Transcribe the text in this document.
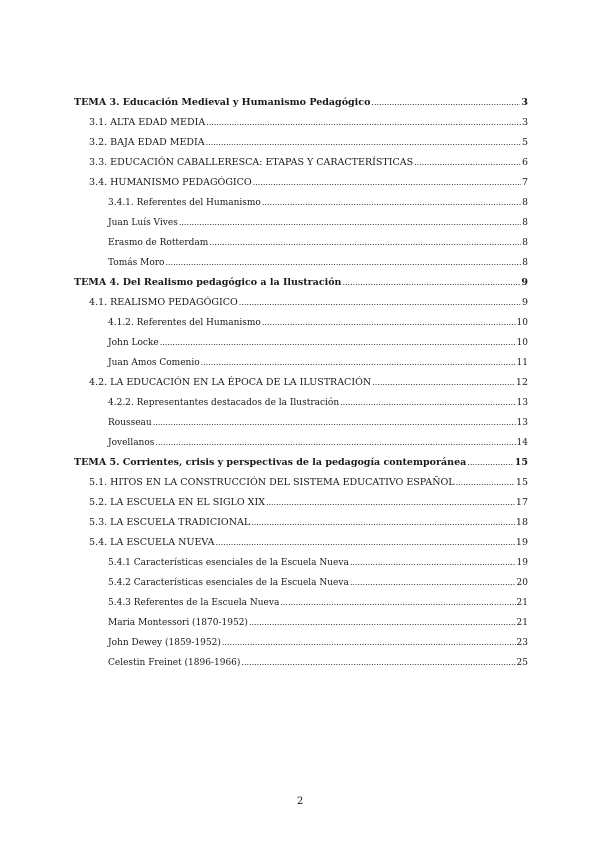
TEMA 3. Educación Medieval y Humanismo Pedagógico .....	3
3.1. ALTA EDAD MEDIA .....	3
3.2. BAJA EDAD MEDIA .....	5
3.3. EDUCACIÓN CABALLERESCA: ETAPAS Y CARACTERÍSTICAS .....	6
3.4. HUMANISMO PEDAGÓGICO .....	7
3.4.1. Referentes del Humanismo .....	8
Juan Luís Vives .....	8
Erasmo de Rotterdam .....	8
Tomás Moro .....	8
TEMA 4. Del Realismo pedagógico a la Ilustración .....	9
4.1. REALISMO PEDAGÓGICO .....	9
4.1.2. Referentes del Humanismo .....	10
John Locke .....	10
Juan Amos Comenio .....	11
4.2. LA EDUCACIÓN EN LA ÉPOCA DE LA ILUSTRACIÓN .....	12
4.2.2. Representantes destacados de la Ilustración .....	13
Rousseau .....	13
Jovellanos .....	14
TEMA 5. Corrientes, crisis y perspectivas de la pedagogía contemporánea .....	15
5.1. HITOS EN LA CONSTRUCCIÓN DEL SISTEMA EDUCATIVO ESPAÑOL .....	15
5.2. LA ESCUELA EN EL SIGLO XIX .....	17
5.3. LA ESCUELA TRADICIONAL .....	18
5.4. LA ESCUELA NUEVA .....	19
5.4.1 Características esenciales de la Escuela Nueva .....	19
5.4.2 Características esenciales de la Escuela Nueva .....	20
5.4.3 Referentes de la Escuela Nueva .....	21
Maria Montessori (1870-1952) .....	21
John Dewey (1859-1952) .....	23
Celestin Freinet (1896-1966) .....	25
2
